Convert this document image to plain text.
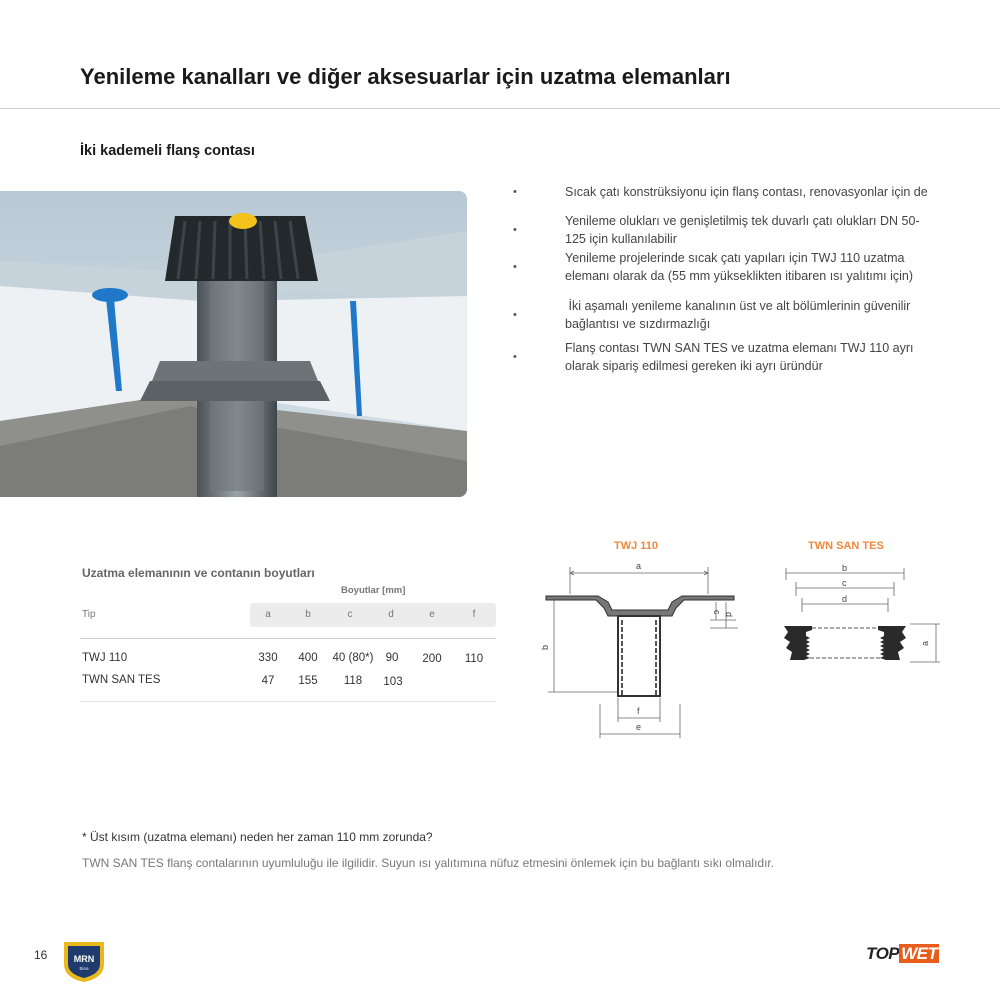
Yenileme kanalları ve diğer aksesuarlar için uzatma elemanları
İki kademeli flanş contası
•	Sıcak çatı konstrüksiyonu için flanş contası, renovasyonlar için de
•
Yenileme olukları ve genişletilmiş tek duvarlı çatı olukları DN 50-125 için kullanılabilir
•
Yenileme projelerinde sıcak çatı yapıları için TWJ 110 uzatma elemanı olarak da (55 mm yükseklikten itibaren ısı yalıtımı için)
•
İki aşamalı yenileme kanalının üst ve alt bölümlerinin güvenilir bağlantısı ve sızdırmazlığı
•
Flanş contası TWN SAN TES ve uzatma elemanı TWJ 110 ayrı olarak sipariş edilmesi gereken iki ayrı üründür
Uzatma elemanının ve contanın boyutları
Boyutlar [mm]
Tip	a	b	c	d	e	f
TWJ 110	330	400	40 (80*)	90	200	110
TWN SAN TES	47	155	118	103
TWJ 110
a
b
c d
f
e
TWN SAN TES
b
c
d
a
* Üst kısım (uzatma elemanı) neden her zaman 110 mm zorunda?
TWN SAN TES flanş contalarının uyumluluğu ile ilgilidir. Suyun ısı yalıtımına nüfuz etmesini önlemek için bu bağlantı sıkı olmalıdır.
16	MRN
Bina
TOP WET
